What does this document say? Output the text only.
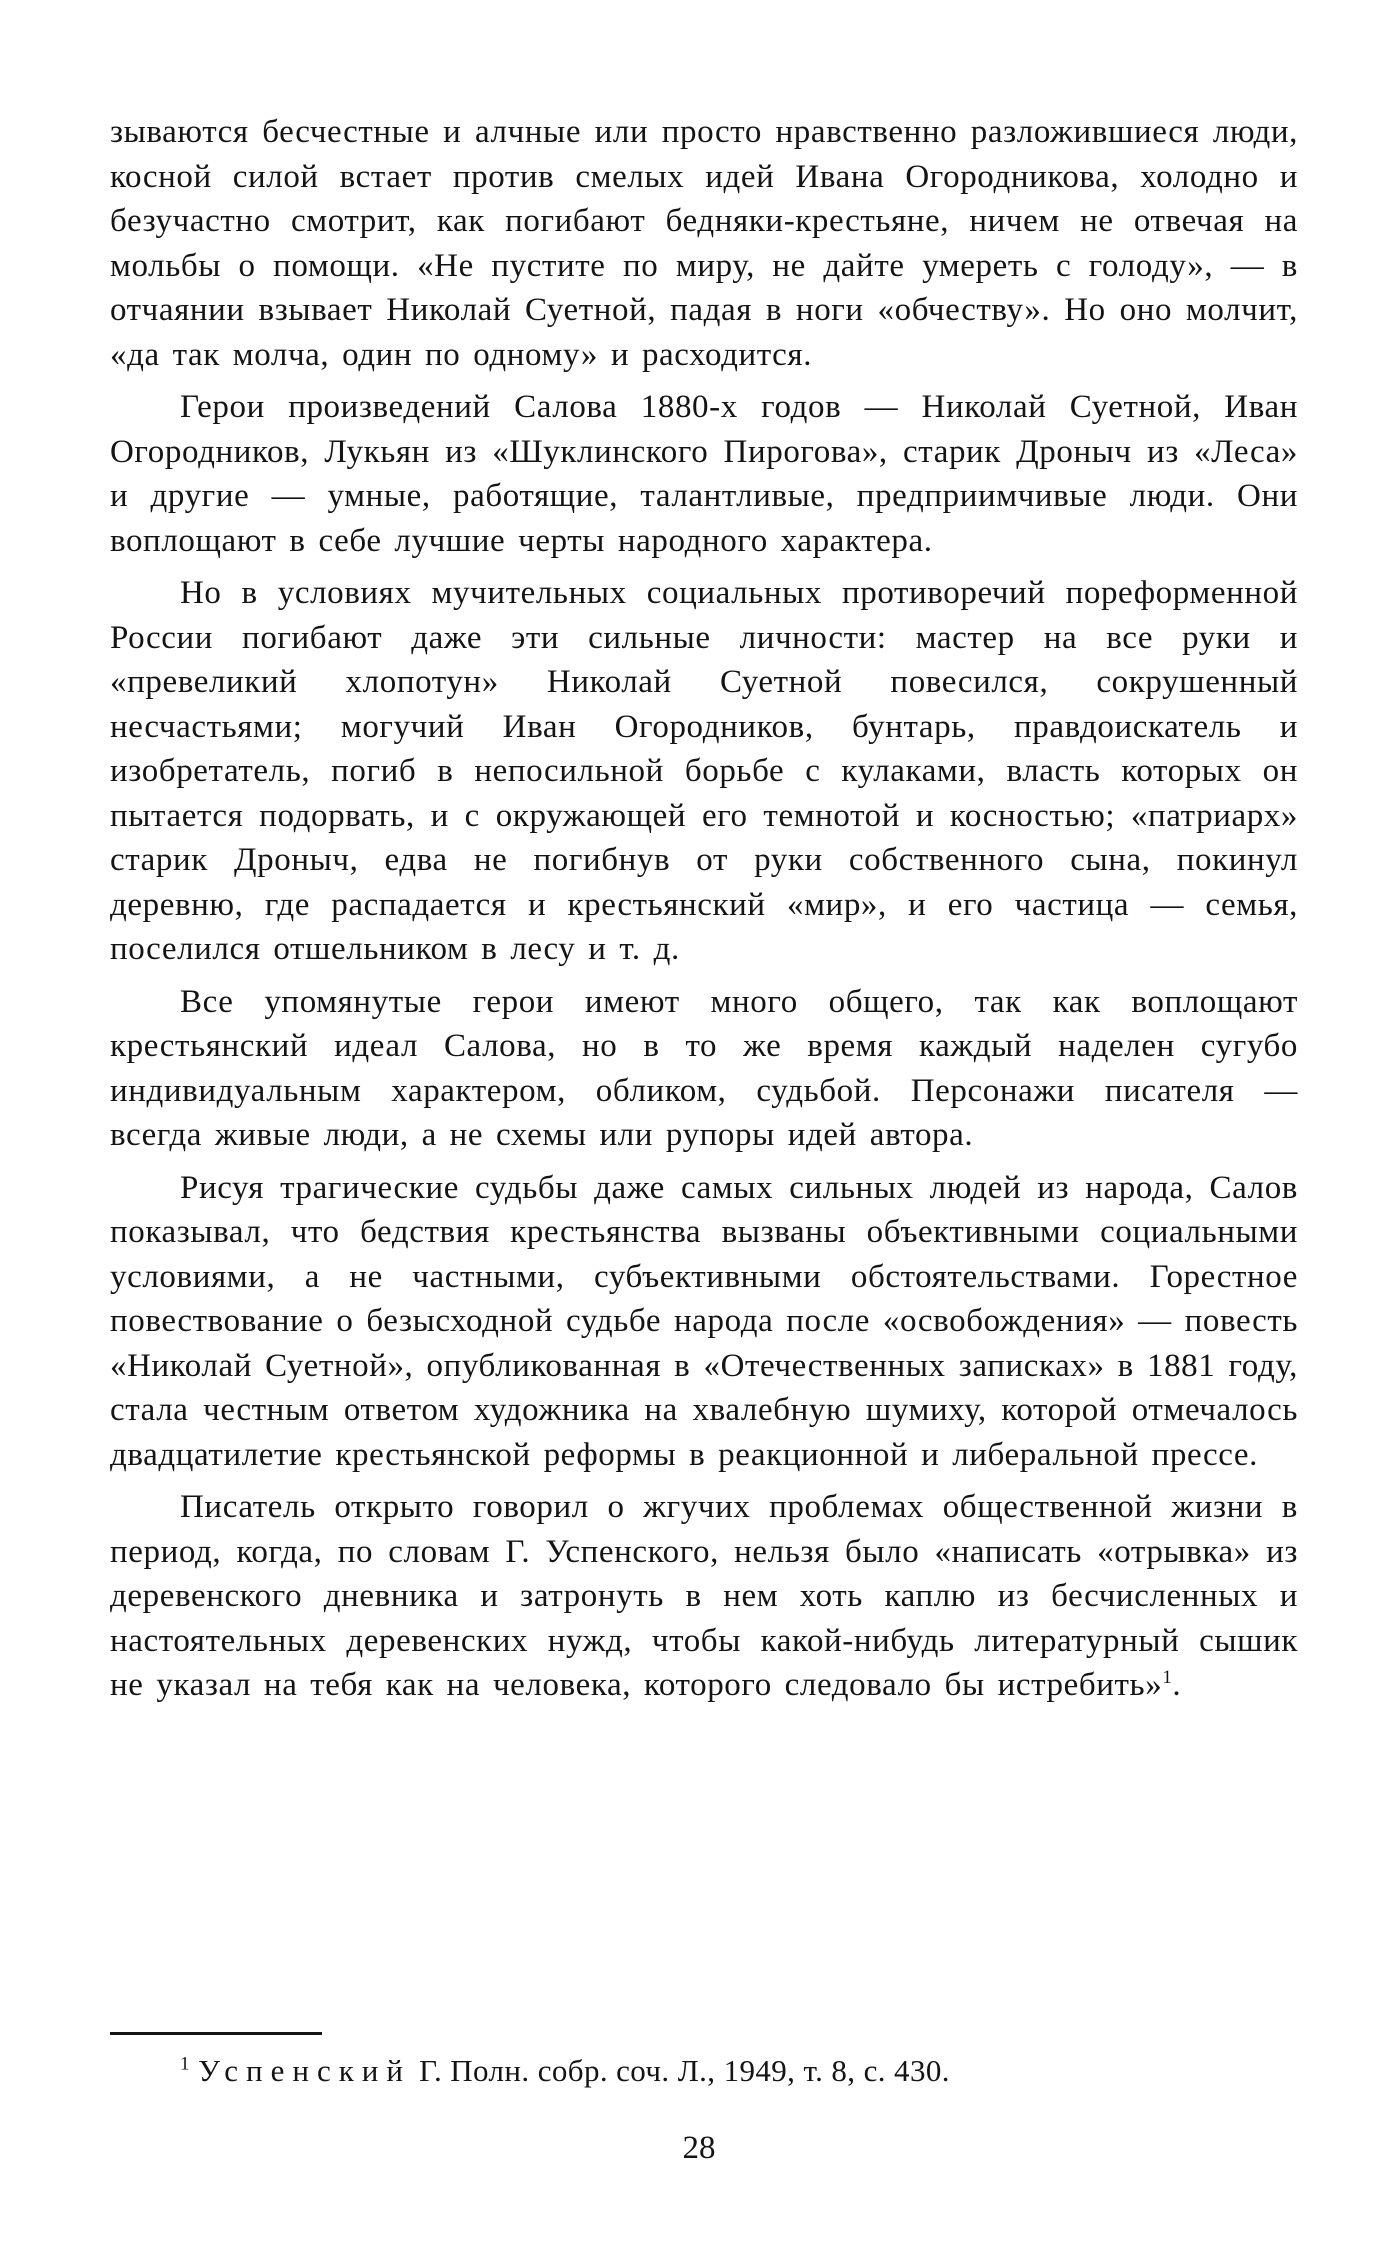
зываются бесчестные и алчные или просто нравственно разложившиеся люди, косной силой встает против смелых идей Ивана Огородникова, холодно и безучастно смотрит, как погибают бедняки-крестьяне, ничем не отвечая на мольбы о помощи. «Не пустите по миру, не дайте умереть с голоду», — в отчаянии взывает Николай Суетной, падая в ноги «обчеству». Но оно молчит, «да так молча, один по одному» и расходится.

Герои произведений Салова 1880-х годов — Николай Суетной, Иван Огородников, Лукьян из «Шуклинского Пирогова», старик Дроныч из «Леса» и другие — умные, работящие, талантливые, предприимчивые люди. Они воплощают в себе лучшие черты народного характера.

Но в условиях мучительных социальных противоречий пореформенной России погибают даже эти сильные личности: мастер на все руки и «превеликий хлопотун» Николай Суетной повесился, сокрушенный несчастьями; могучий Иван Огородников, бунтарь, правдоискатель и изобретатель, погиб в непосильной борьбе с кулаками, власть которых он пытается подорвать, и с окружающей его темнотой и косностью; «патриарх» старик Дроныч, едва не погибнув от руки собственного сына, покинул деревню, где распадается и крестьянский «мир», и его частица — семья, поселился отшельником в лесу и т. д.

Все упомянутые герои имеют много общего, так как воплощают крестьянский идеал Салова, но в то же время каждый наделен сугубо индивидуальным характером, обликом, судьбой. Персонажи писателя — всегда живые люди, а не схемы или рупоры идей автора.

Рисуя трагические судьбы даже самых сильных людей из народа, Салов показывал, что бедствия крестьянства вызваны объективными социальными условиями, а не частными, субъективными обстоятельствами. Горестное повествование о безысходной судьбе народа после «освобождения» — повесть «Николай Суетной», опубликованная в «Отечественных записках» в 1881 году, стала честным ответом художника на хвалебную шумиху, которой отмечалось двадцатилетие крестьянской реформы в реакционной и либеральной прессе.

Писатель открыто говорил о жгучих проблемах общественной жизни в период, когда, по словам Г. Успенского, нельзя было «написать «отрывка» из деревенского дневника и затронуть в нем хоть каплю из бесчисленных и настоятельных деревенских нужд, чтобы какой-нибудь литературный сышик не указал на тебя как на человека, которого следовало бы истребить»$^1$.

$^1$ Успенский Г. Полн. собр. соч. Л., 1949, т. 8, с. 430.
28
